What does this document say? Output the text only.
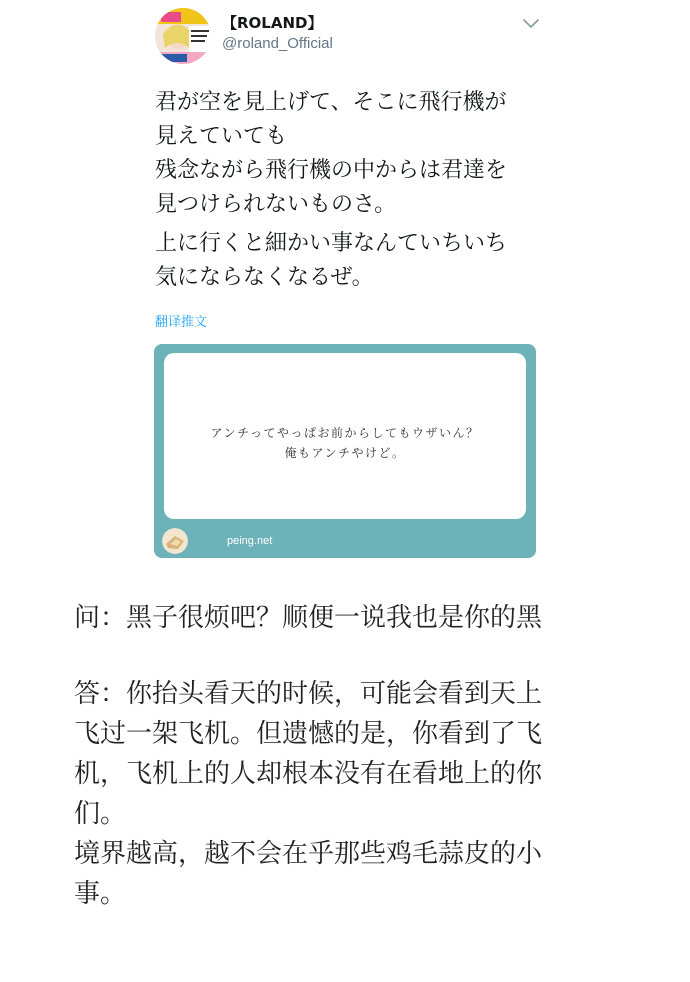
【ROLAND】
@roland_Official

君が空を見上げて、そこに飛行機が
見えていても
残念ながら飛行機の中からは君達を
見つけられないものさ。

上に行くと細かい事なんていちいち
気にならなくなるぜ。

翻译推文
アンチってやっぱお前からしてもウザいん？
俺もアンチやけど。
peing.net
问：黑子很烦吧？顺便一说我也是你的黑
答：你抬头看天的时候，可能会看到天上
飞过一架飞机。但遗憾的是，你看到了飞
机，飞机上的人却根本没有在看地上的你
们。
境界越高，越不会在乎那些鸡毛蒜皮的小
事。
